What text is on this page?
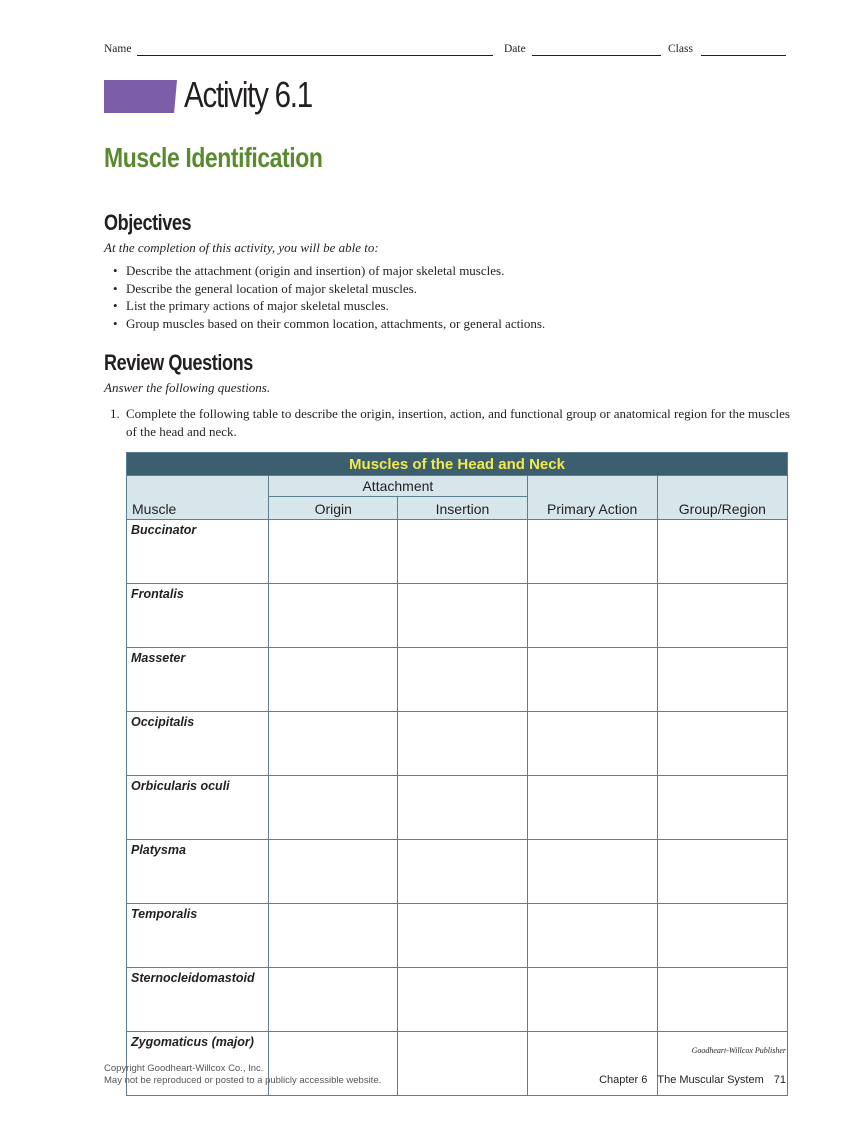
Name	Date	Class
Activity 6.1
Muscle Identification
Objectives
At the completion of this activity, you will be able to:
• Describe the attachment (origin and insertion) of major skeletal muscles.
• Describe the general location of major skeletal muscles.
• List the primary actions of major skeletal muscles.
• Group muscles based on their common location, attachments, or general actions.
Review Questions
Answer the following questions.
1. Complete the following table to describe the origin, insertion, action, and functional group or anatomical region for the muscles of the head and neck.
Muscles of the Head and Neck				
Muscle	Attachment		Primary Action	Group/Region
	Origin	Insertion		
Buccinator				
Frontalis				
Masseter				
Occipitalis				
Orbicularis oculi				
Platysma				
Temporalis				
Sternocleidomastoid				
Zygomaticus (major)				
Goodheart-Willcox Publisher
Copyright Goodheart-Willcox Co., Inc.
May not be reproduced or posted to a publicly accessible website.	Chapter 6 The Muscular System 71
